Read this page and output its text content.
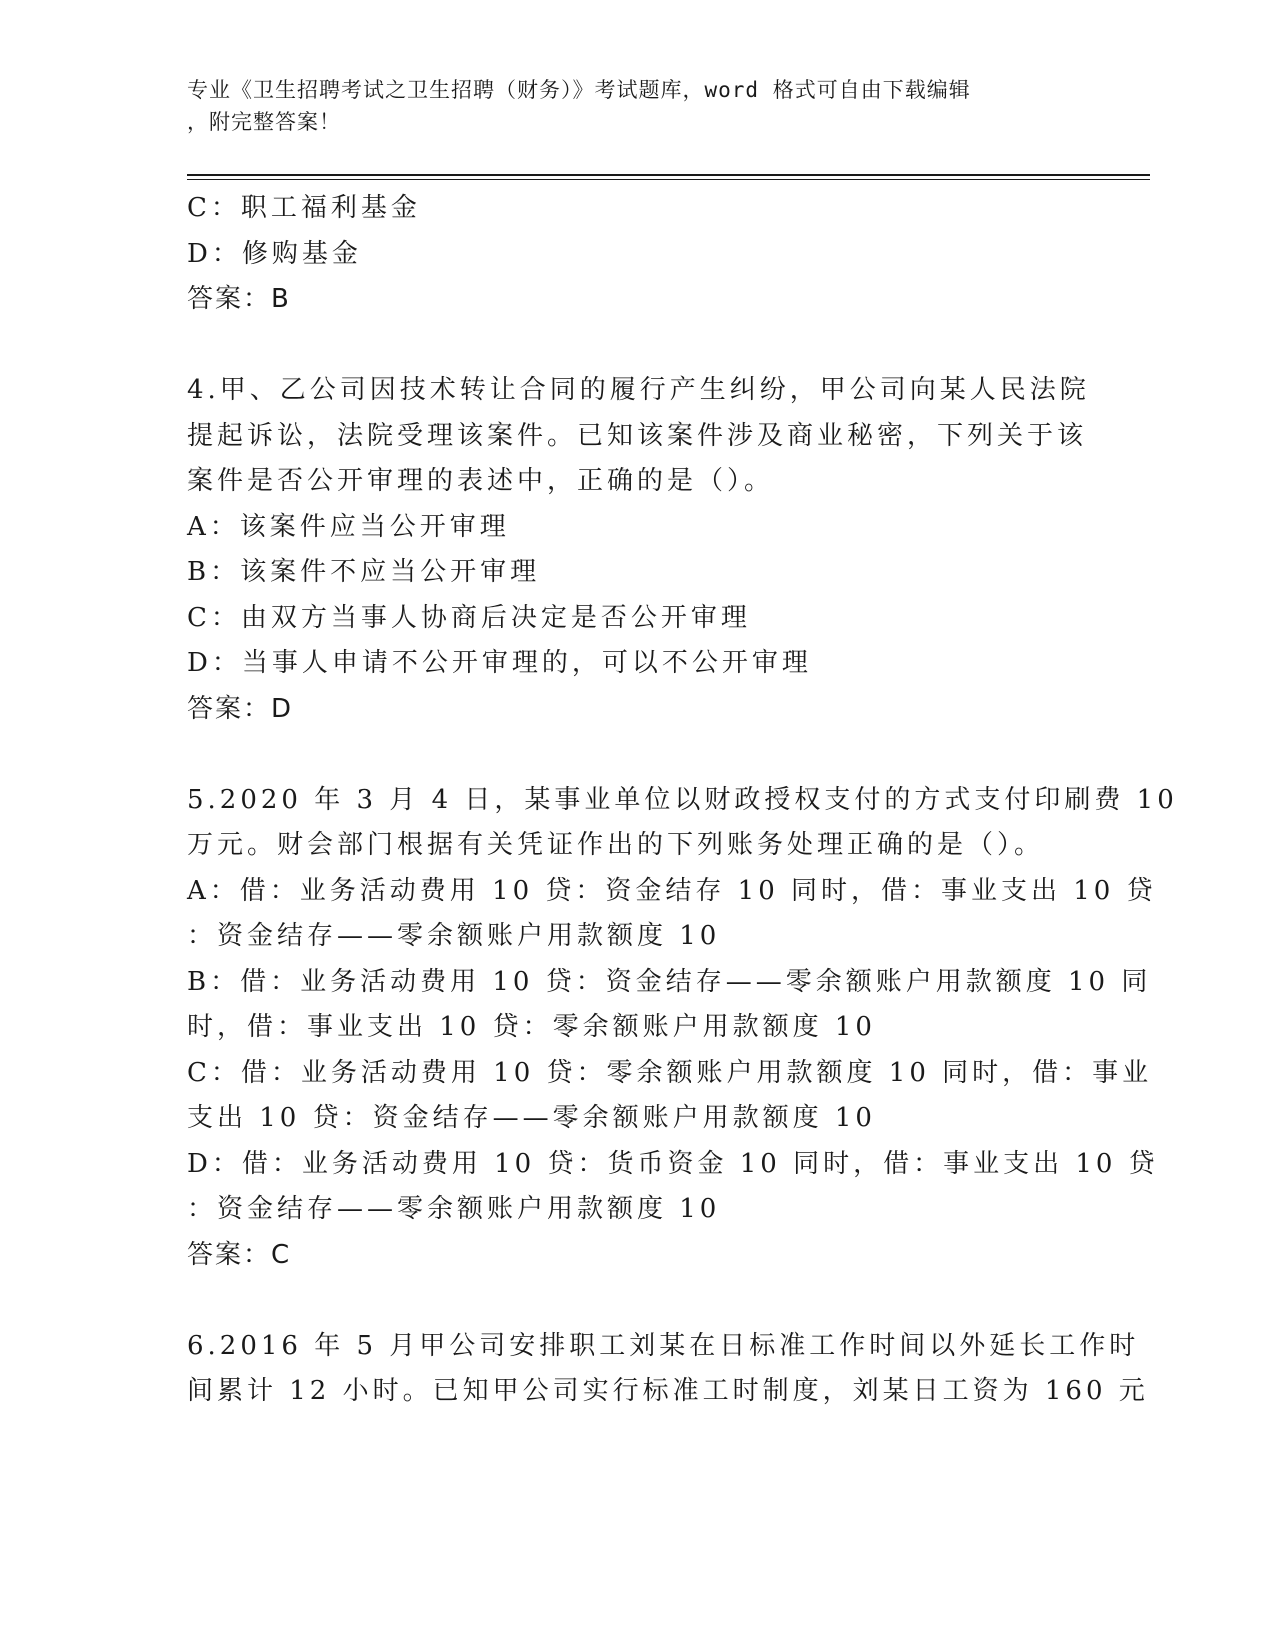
专业《卫生招聘考试之卫生招聘（财务）》考试题库，word 格式可自由下载编辑
，附完整答案！

C：职工福利基金

D：修购基金

答案：B

4.甲、乙公司因技术转让合同的履行产生纠纷，甲公司向某人民法院

提起诉讼，法院受理该案件。已知该案件涉及商业秘密，下列关于该

案件是否公开审理的表述中，正确的是（）。

A：该案件应当公开审理

B：该案件不应当公开审理

C：由双方当事人协商后决定是否公开审理

D：当事人申请不公开审理的，可以不公开审理

答案：D

5.2020 年 3 月 4 日，某事业单位以财政授权支付的方式支付印刷费 10

万元。财会部门根据有关凭证作出的下列账务处理正确的是（）。

A：借：业务活动费用 10 贷：资金结存 10 同时，借：事业支出 10 贷

：资金结存——零余额账户用款额度 10

B：借：业务活动费用 10 贷：资金结存——零余额账户用款额度 10 同

时，借：事业支出 10 贷：零余额账户用款额度 10

C：借：业务活动费用 10 贷：零余额账户用款额度 10 同时，借：事业

支出 10 贷：资金结存——零余额账户用款额度 10

D：借：业务活动费用 10 贷：货币资金 10 同时，借：事业支出 10 贷

：资金结存——零余额账户用款额度 10

答案：C

6.2016 年 5 月甲公司安排职工刘某在日标准工作时间以外延长工作时

间累计 12 小时。已知甲公司实行标准工时制度，刘某日工资为 160 元
